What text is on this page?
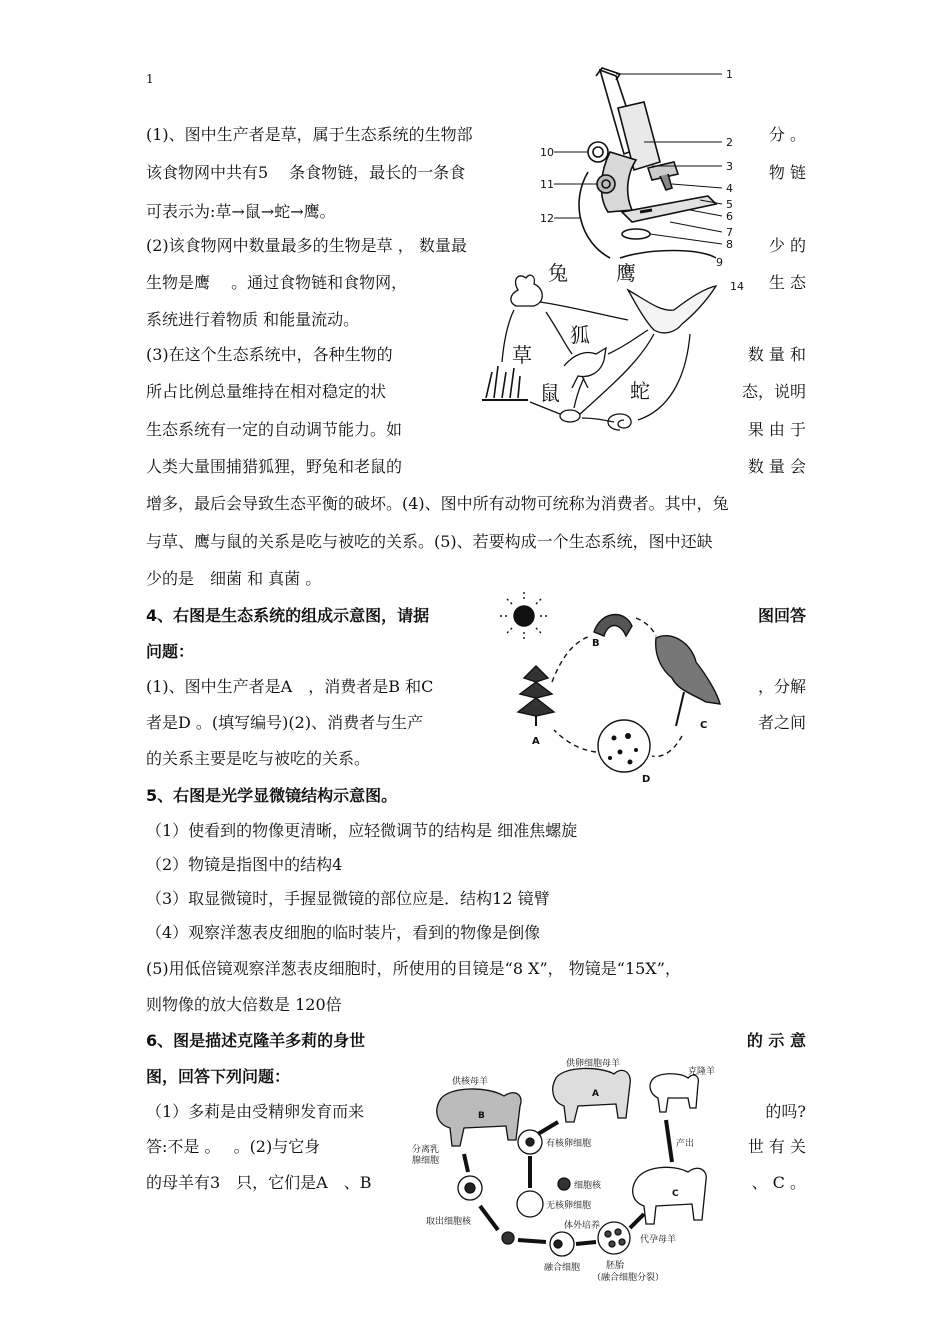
1
(1)、图中生产者是草，属于生态系统的生物部	分 。
该食物网中共有5　 条食物链，最长的一条食	物 链
可表示为:草→鼠→蛇→鹰。
(2)该食物网中数量最多的生物是草 ， 数量最	少 的
生物是鹰　 。通过食物链和食物网，	生 态
系统进行着物质 和能量流动。
(3)在这个生态系统中，各种生物的	数 量 和
所占比例总量维持在相对稳定的状	态，说明
生态系统有一定的自动调节能力。如	果 由 于
人类大量围捕猎狐狸，野兔和老鼠的	数 量 会
增多，最后会导致生态平衡的破坏。(4)、图中所有动物可统称为消费者。其中，兔
与草、鹰与鼠的关系是吃与被吃的关系。(5)、若要构成一个生态系统，图中还缺
少的是　细菌 和 真菌 。
4、右图是生态系统的组成示意图，请据	图回答
问题：
(1)、图中生产者是A　，消费者是B 和C	，分解
者是D 。(填写编号)(2)、消费者与生产	者之间
的关系主要是吃与被吃的关系。
5、右图是光学显微镜结构示意图。
（1）使看到的物像更清晰，应轻微调节的结构是 细准焦螺旋
（2）物镜是指图中的结构4
（3）取显微镜时，手握显微镜的部位应是．结构12 镜臂
（4）观察洋葱表皮细胞的临时装片，看到的物像是倒像
(5)用低倍镜观察洋葱表皮细胞时，所使用的目镜是“8 X”， 物镜是“15X”，
则物像的放大倍数是 120倍
6、图是描述克隆羊多莉的身世	的 示 意
图，回答下列问题：
（1）多莉是由受精卵发育而来	的吗?
答:不是 。　 。(2)与它身	世 有 关
的母羊有3　只，它们是A　、B	、 C 。
1
2
3
4
5
6
7
8
10
11
12
9
14
兔 鹰
狐
草
鼠	蛇
A
B
C
D
供核母羊
供卵细胞母羊
克隆羊
分离乳腺细胞
有核卵细胞
细胞核
无核卵细胞
取出细胞核	体外培养
融合细胞	胚胎
（融合细胞分裂）
代孕母羊
产出
B
A
C
